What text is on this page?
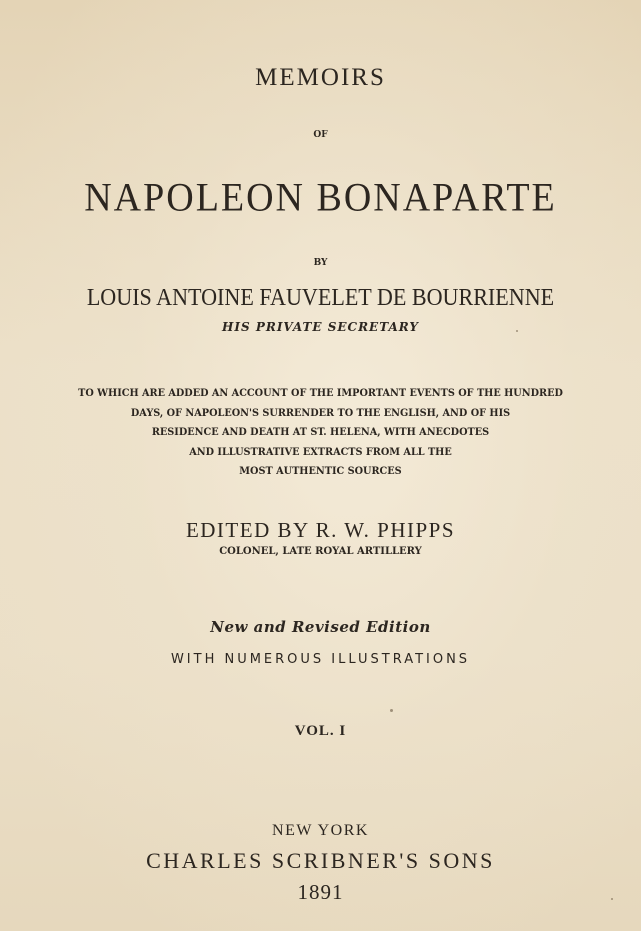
MEMOIRS
OF
NAPOLEON BONAPARTE
BY
LOUIS ANTOINE FAUVELET DE BOURRIENNE
HIS PRIVATE SECRETARY
TO WHICH ARE ADDED AN ACCOUNT OF THE IMPORTANT EVENTS OF THE HUNDRED
DAYS, OF NAPOLEON'S SURRENDER TO THE ENGLISH, AND OF HIS
RESIDENCE AND DEATH AT ST. HELENA, WITH ANECDOTES
AND ILLUSTRATIVE EXTRACTS FROM ALL THE
MOST AUTHENTIC SOURCES
EDITED BY R. W. PHIPPS
COLONEL, LATE ROYAL ARTILLERY
New and Revised Edition
WITH NUMEROUS ILLUSTRATIONS
VOL. I
NEW YORK
CHARLES SCRIBNER'S SONS
1891
